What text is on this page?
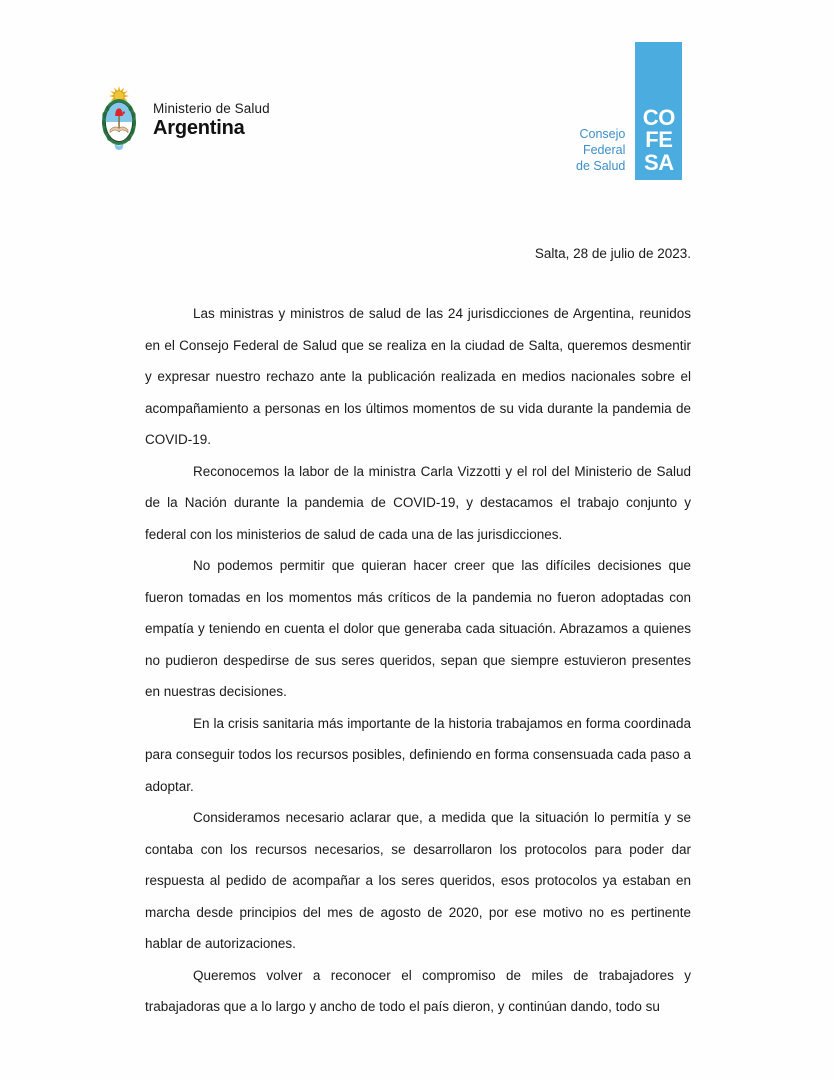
Ministerio de Salud
Argentina	Consejo
Federal
de Salud
CO
FE
SA
Salta, 28 de julio de 2023.

Las ministras y ministros de salud de las 24 jurisdicciones de Argentina, reunidos en el Consejo Federal de Salud que se realiza en la ciudad de Salta, queremos desmentir y expresar nuestro rechazo ante la publicación realizada en medios nacionales sobre el acompañamiento a personas en los últimos momentos de su vida durante la pandemia de COVID-19.

Reconocemos la labor de la ministra Carla Vizzotti y el rol del Ministerio de Salud de la Nación durante la pandemia de COVID-19, y destacamos el trabajo conjunto y federal con los ministerios de salud de cada una de las jurisdicciones.

No podemos permitir que quieran hacer creer que las difíciles decisiones que fueron tomadas en los momentos más críticos de la pandemia no fueron adoptadas con empatía y teniendo en cuenta el dolor que generaba cada situación. Abrazamos a quienes no pudieron despedirse de sus seres queridos, sepan que siempre estuvieron presentes en nuestras decisiones.

En la crisis sanitaria más importante de la historia trabajamos en forma coordinada para conseguir todos los recursos posibles, definiendo en forma consensuada cada paso a adoptar.

Consideramos necesario aclarar que, a medida que la situación lo permitía y se contaba con los recursos necesarios, se desarrollaron los protocolos para poder dar respuesta al pedido de acompañar a los seres queridos, esos protocolos ya estaban en marcha desde principios del mes de agosto de 2020, por ese motivo no es pertinente hablar de autorizaciones.

Queremos volver a reconocer el compromiso de miles de trabajadores y trabajadoras que a lo largo y ancho de todo el país dieron, y continúan dando, todo su
